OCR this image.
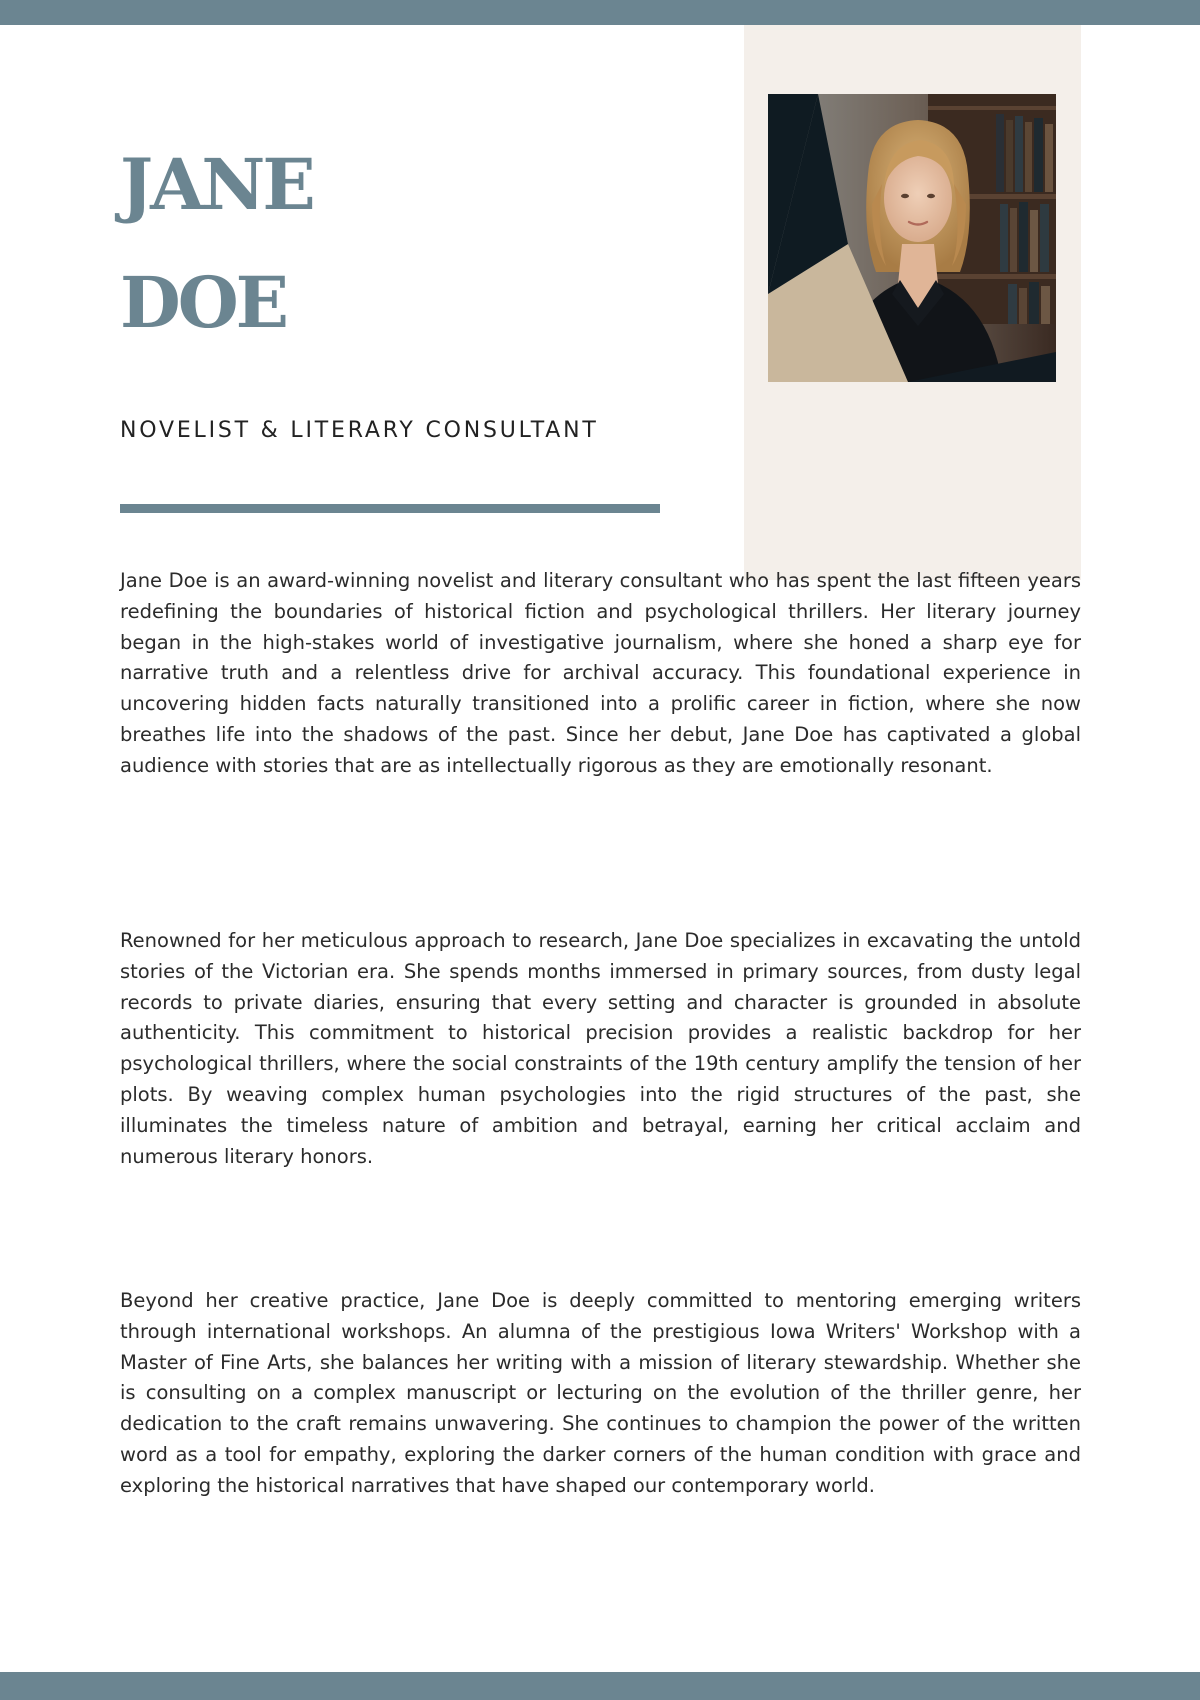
JANE
DOE
NOVELIST & LITERARY CONSULTANT

Jane Doe is an award-winning novelist and literary consultant who has spent the last fifteen years redefining the boundaries of historical fiction and psychological thrillers. Her literary journey began in the high-stakes world of investigative journalism, where she honed a sharp eye for narrative truth and a relentless drive for archival accuracy. This foundational experience in uncovering hidden facts naturally transitioned into a prolific career in fiction, where she now breathes life into the shadows of the past. Since her debut, Jane Doe has captivated a global audience with stories that are as intellectually rigorous as they are emotionally resonant.

Renowned for her meticulous approach to research, Jane Doe specializes in excavating the untold stories of the Victorian era. She spends months immersed in primary sources, from dusty legal records to private diaries, ensuring that every setting and character is grounded in absolute authenticity. This commitment to historical precision provides a realistic backdrop for her psychological thrillers, where the social constraints of the 19th century amplify the tension of her plots. By weaving complex human psychologies into the rigid structures of the past, she illuminates the timeless nature of ambition and betrayal, earning her critical acclaim and numerous literary honors.

Beyond her creative practice, Jane Doe is deeply committed to mentoring emerging writers through international workshops. An alumna of the prestigious Iowa Writers' Workshop with a Master of Fine Arts, she balances her writing with a mission of literary stewardship. Whether she is consulting on a complex manuscript or lecturing on the evolution of the thriller genre, her dedication to the craft remains unwavering. She continues to champion the power of the written word as a tool for empathy, exploring the darker corners of the human condition with grace and exploring the historical narratives that have shaped our contemporary world.
